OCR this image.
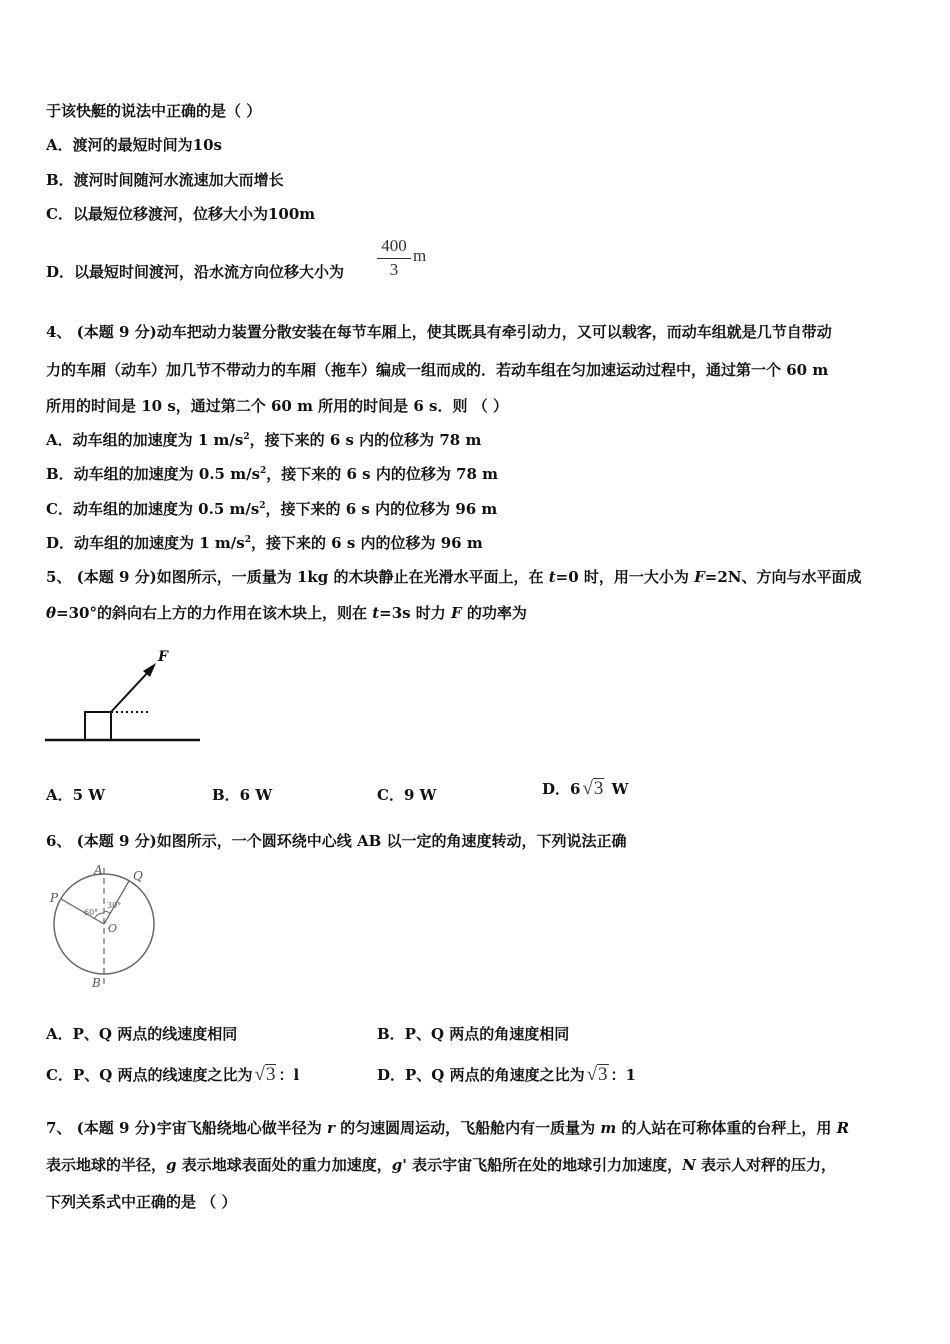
于该快艇的说法中正确的是（ ）
A．渡河的最短时间为10s
B．渡河时间随河水流速加大而增长
C．以最短位移渡河，位移大小为100m
D．以最短时间渡河，沿水流方向位移大小为
400
3
m
4、 (本题 9 分)动车把动力装置分散安装在每节车厢上，使其既具有牵引动力，又可以载客，而动车组就是几节自带动
力的车厢（动车）加几节不带动力的车厢（拖车）编成一组而成的．若动车组在匀加速运动过程中，通过第一个 60 m
所用的时间是 10 s，通过第二个 60 m 所用的时间是 6 s．则 （ ）
A．动车组的加速度为 1 $m/s^2$，接下来的 6 s 内的位移为 78 m
B．动车组的加速度为 0.5 $m/s^2$，接下来的 6 s 内的位移为 78 m
C．动车组的加速度为 0.5 $m/s^2$，接下来的 6 s 内的位移为 96 m
D．动车组的加速度为 1 $m/s^2$，接下来的 6 s 内的位移为 96 m
5、 (本题 9 分)如图所示，一质量为 1kg 的木块静止在光滑水平面上，在 t=0 时，用一大小为 F=2N、方向与水平面成
θ=30°的斜向右上方的力作用在该木块上，则在 t=3s 时力 F 的功率为
F
A．5 W	B．6 W	C．9 W	D．6 √3 W
6、 (本题 9 分)如图所示，一个圆环绕中心线 AB 以一定的角速度转动，下列说法正确
A
B
P
Q
O
60°
30°
A．P、Q 两点的线速度相同	B．P、Q 两点的角速度相同
C．P、Q 两点的线速度之比为 √3 ：l	D．P、Q 两点的角速度之比为 √3 ：1
7、 (本题 9 分)宇宙飞船绕地心做半径为 r 的匀速圆周运动，飞船舱内有一质量为 m 的人站在可称体重的台秤上，用 R
表示地球的半径，g 表示地球表面处的重力加速度，g' 表示宇宙飞船所在处的地球引力加速度，N 表示人对秤的压力，
下列关系式中正确的是 （ ）
